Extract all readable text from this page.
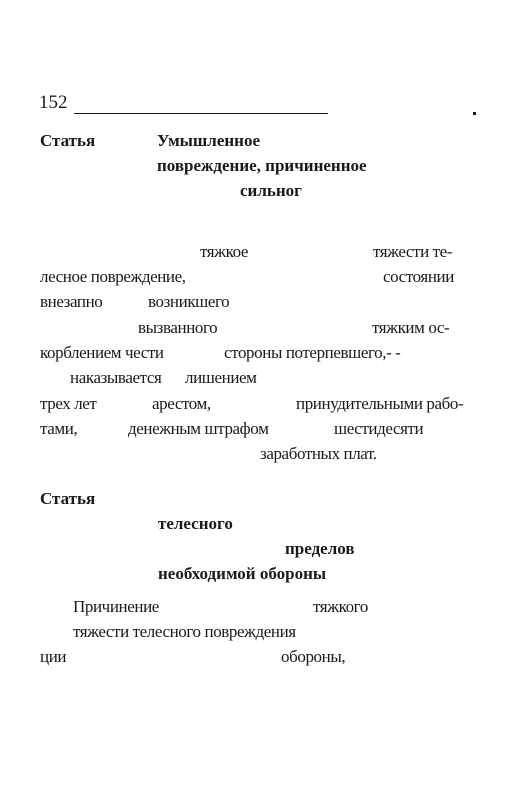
152
Статья	Умышленное
повреждение, причиненное
сильног
тяжкое	тяжести те-
лесное повреждение,	состоянии
внезапно	возникшего
вызванного	тяжким ос-
корблением чести	стороны потерпевшего,- -
наказывается лишением
трех лет	арестом,	принудительными рабо-
тами,	денежным штрафом	шестидесяти
заработных плат.
Статья
телесного
пределов
необходимой обороны
Причинение	тяжкого
тяжести телесного повреждения
ции	обороны,
